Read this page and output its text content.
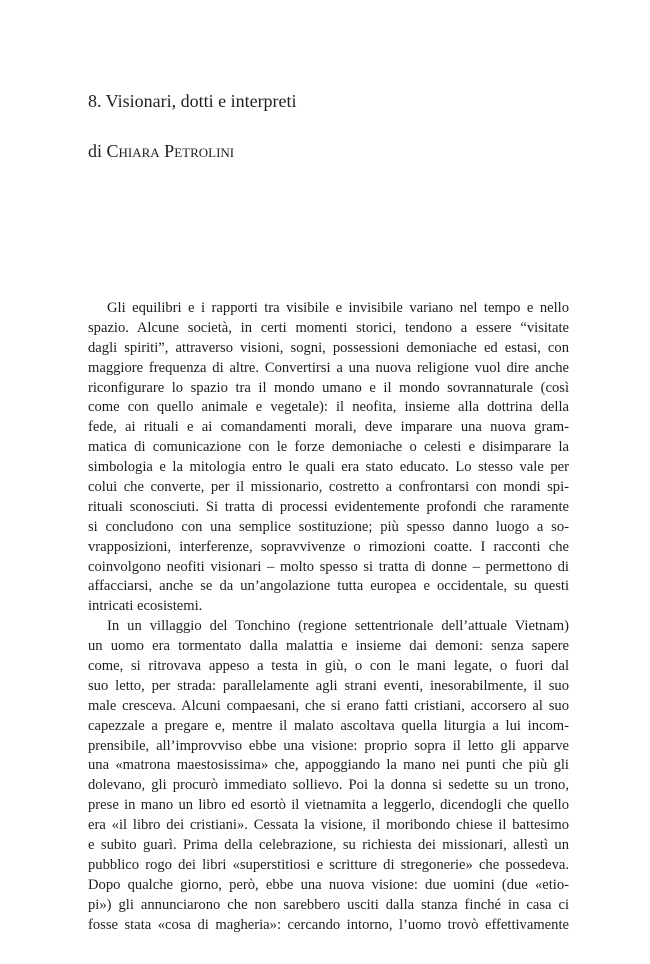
8. Visionari, dotti e interpreti

di Chiara Petrolini

Gli equilibri e i rapporti tra visibile e invisibile variano nel tempo e nello
spazio. Alcune società, in certi momenti storici, tendono a essere “visitate
dagli spiriti”, attraverso visioni, sogni, possessioni demoniache ed estasi, con
maggiore frequenza di altre. Convertirsi a una nuova religione vuol dire anche
riconfigurare lo spazio tra il mondo umano e il mondo sovrannaturale (così
come con quello animale e vegetale): il neofita, insieme alla dottrina della
fede, ai rituali e ai comandamenti morali, deve imparare una nuova gram-
matica di comunicazione con le forze demoniache o celesti e disimparare la
simbologia e la mitologia entro le quali era stato educato. Lo stesso vale per
colui che converte, per il missionario, costretto a confrontarsi con mondi spi-
rituali sconosciuti. Si tratta di processi evidentemente profondi che raramente
si concludono con una semplice sostituzione; più spesso danno luogo a so-
vrapposizioni, interferenze, sopravvivenze o rimozioni coatte. I racconti che
coinvolgono neofiti visionari – molto spesso si tratta di donne – permettono di
affacciarsi, anche se da un’angolazione tutta europea e occidentale, su questi
intricati ecosistemi.
In un villaggio del Tonchino (regione settentrionale dell’attuale Vietnam)
un uomo era tormentato dalla malattia e insieme dai demoni: senza sapere
come, si ritrovava appeso a testa in giù, o con le mani legate, o fuori dal
suo letto, per strada: parallelamente agli strani eventi, inesorabilmente, il suo
male cresceva. Alcuni compaesani, che si erano fatti cristiani, accorsero al suo
capezzale a pregare e, mentre il malato ascoltava quella liturgia a lui incom-
prensibile, all’improvviso ebbe una visione: proprio sopra il letto gli apparve
una «matrona maestosissima» che, appoggiando la mano nei punti che più gli
dolevano, gli procurò immediato sollievo. Poi la donna si sedette su un trono,
prese in mano un libro ed esortò il vietnamita a leggerlo, dicendogli che quello
era «il libro dei cristiani». Cessata la visione, il moribondo chiese il battesimo
e subito guarì. Prima della celebrazione, su richiesta dei missionari, allestì un
pubblico rogo dei libri «superstitiosi e scritture di stregonerie» che possedeva.
Dopo qualche giorno, però, ebbe una nuova visione: due uomini (due «etio-
pi») gli annunciarono che non sarebbero usciti dalla stanza finché in casa ci
fosse stata «cosa di magheria»: cercando intorno, l’uomo trovò effettivamente
